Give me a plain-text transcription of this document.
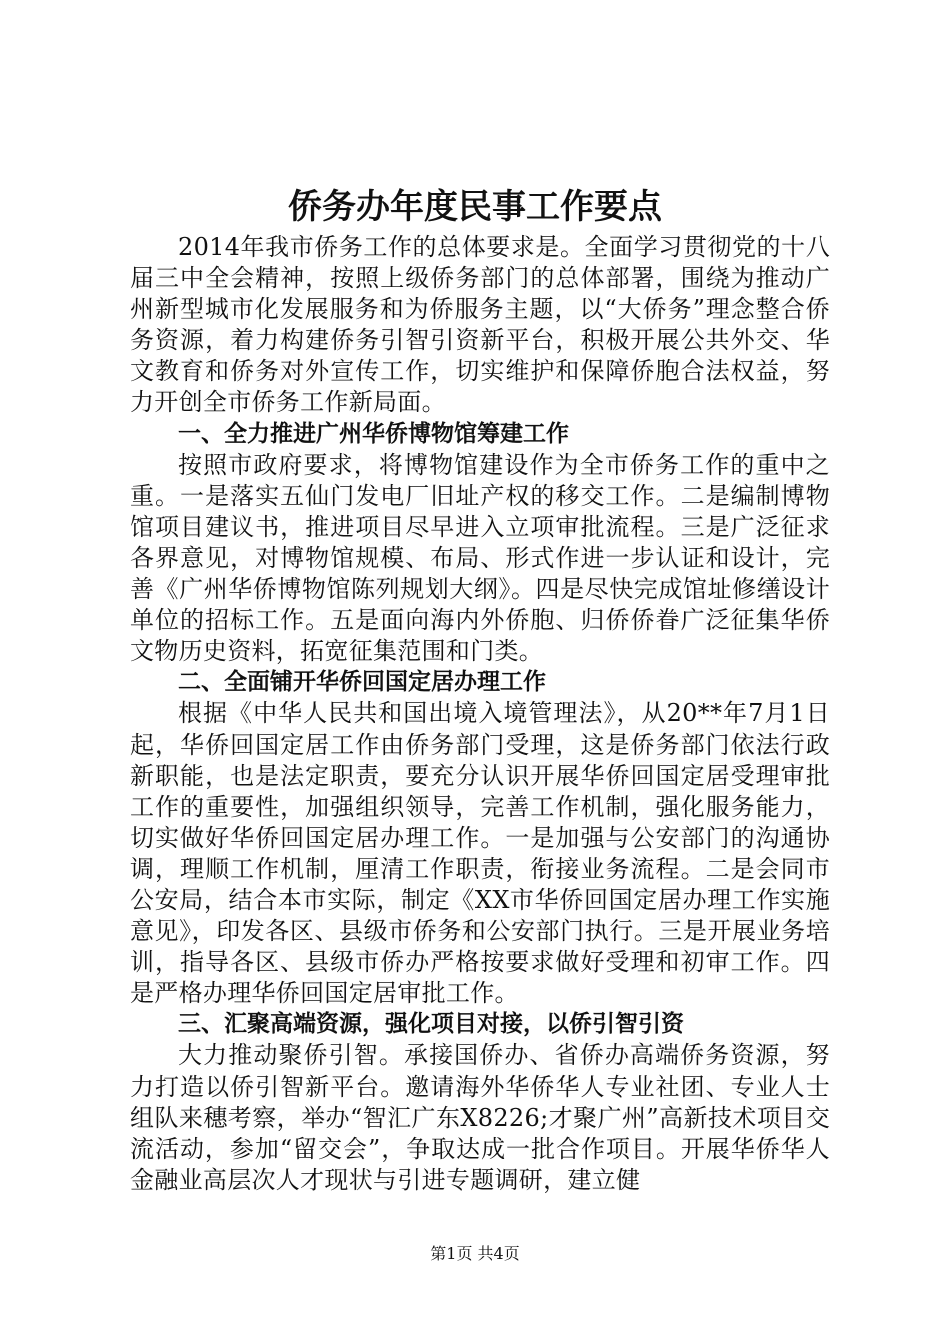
侨务办年度民事工作要点

2014年我市侨务工作的总体要求是。全面学习贯彻党的十八届三中全会精神，按照上级侨务部门的总体部署，围绕为推动广州新型城市化发展服务和为侨服务主题，以“大侨务”理念整合侨务资源，着力构建侨务引智引资新平台，积极开展公共外交、华文教育和侨务对外宣传工作，切实维护和保障侨胞合法权益，努力开创全市侨务工作新局面。

一、全力推进广州华侨博物馆筹建工作

按照市政府要求，将博物馆建设作为全市侨务工作的重中之重。一是落实五仙门发电厂旧址产权的移交工作。二是编制博物馆项目建议书，推进项目尽早进入立项审批流程。三是广泛征求各界意见，对博物馆规模、布局、形式作进一步认证和设计，完善《广州华侨博物馆陈列规划大纲》。四是尽快完成馆址修缮设计单位的招标工作。五是面向海内外侨胞、归侨侨眷广泛征集华侨文物历史资料，拓宽征集范围和门类。

二、全面铺开华侨回国定居办理工作

根据《中华人民共和国出境入境管理法》，从20**年7月1日起，华侨回国定居工作由侨务部门受理，这是侨务部门依法行政新职能，也是法定职责，要充分认识开展华侨回国定居受理审批工作的重要性，加强组织领导，完善工作机制，强化服务能力，切实做好华侨回国定居办理工作。一是加强与公安部门的沟通协调，理顺工作机制，厘清工作职责，衔接业务流程。二是会同市公安局，结合本市实际，制定《XX市华侨回国定居办理工作实施意见》，印发各区、县级市侨务和公安部门执行。三是开展业务培训，指导各区、县级市侨办严格按要求做好受理和初审工作。四是严格办理华侨回国定居审批工作。

三、汇聚高端资源，强化项目对接，以侨引智引资

大力推动聚侨引智。承接国侨办、省侨办高端侨务资源，努力打造以侨引智新平台。邀请海外华侨华人专业社团、专业人士组队来穗考察，举办“智汇广东X8226;才聚广州”高新技术项目交流活动，参加“留交会”，争取达成一批合作项目。开展华侨华人金融业高层次人才现状与引进专题调研，建立健

第1页 共4页
